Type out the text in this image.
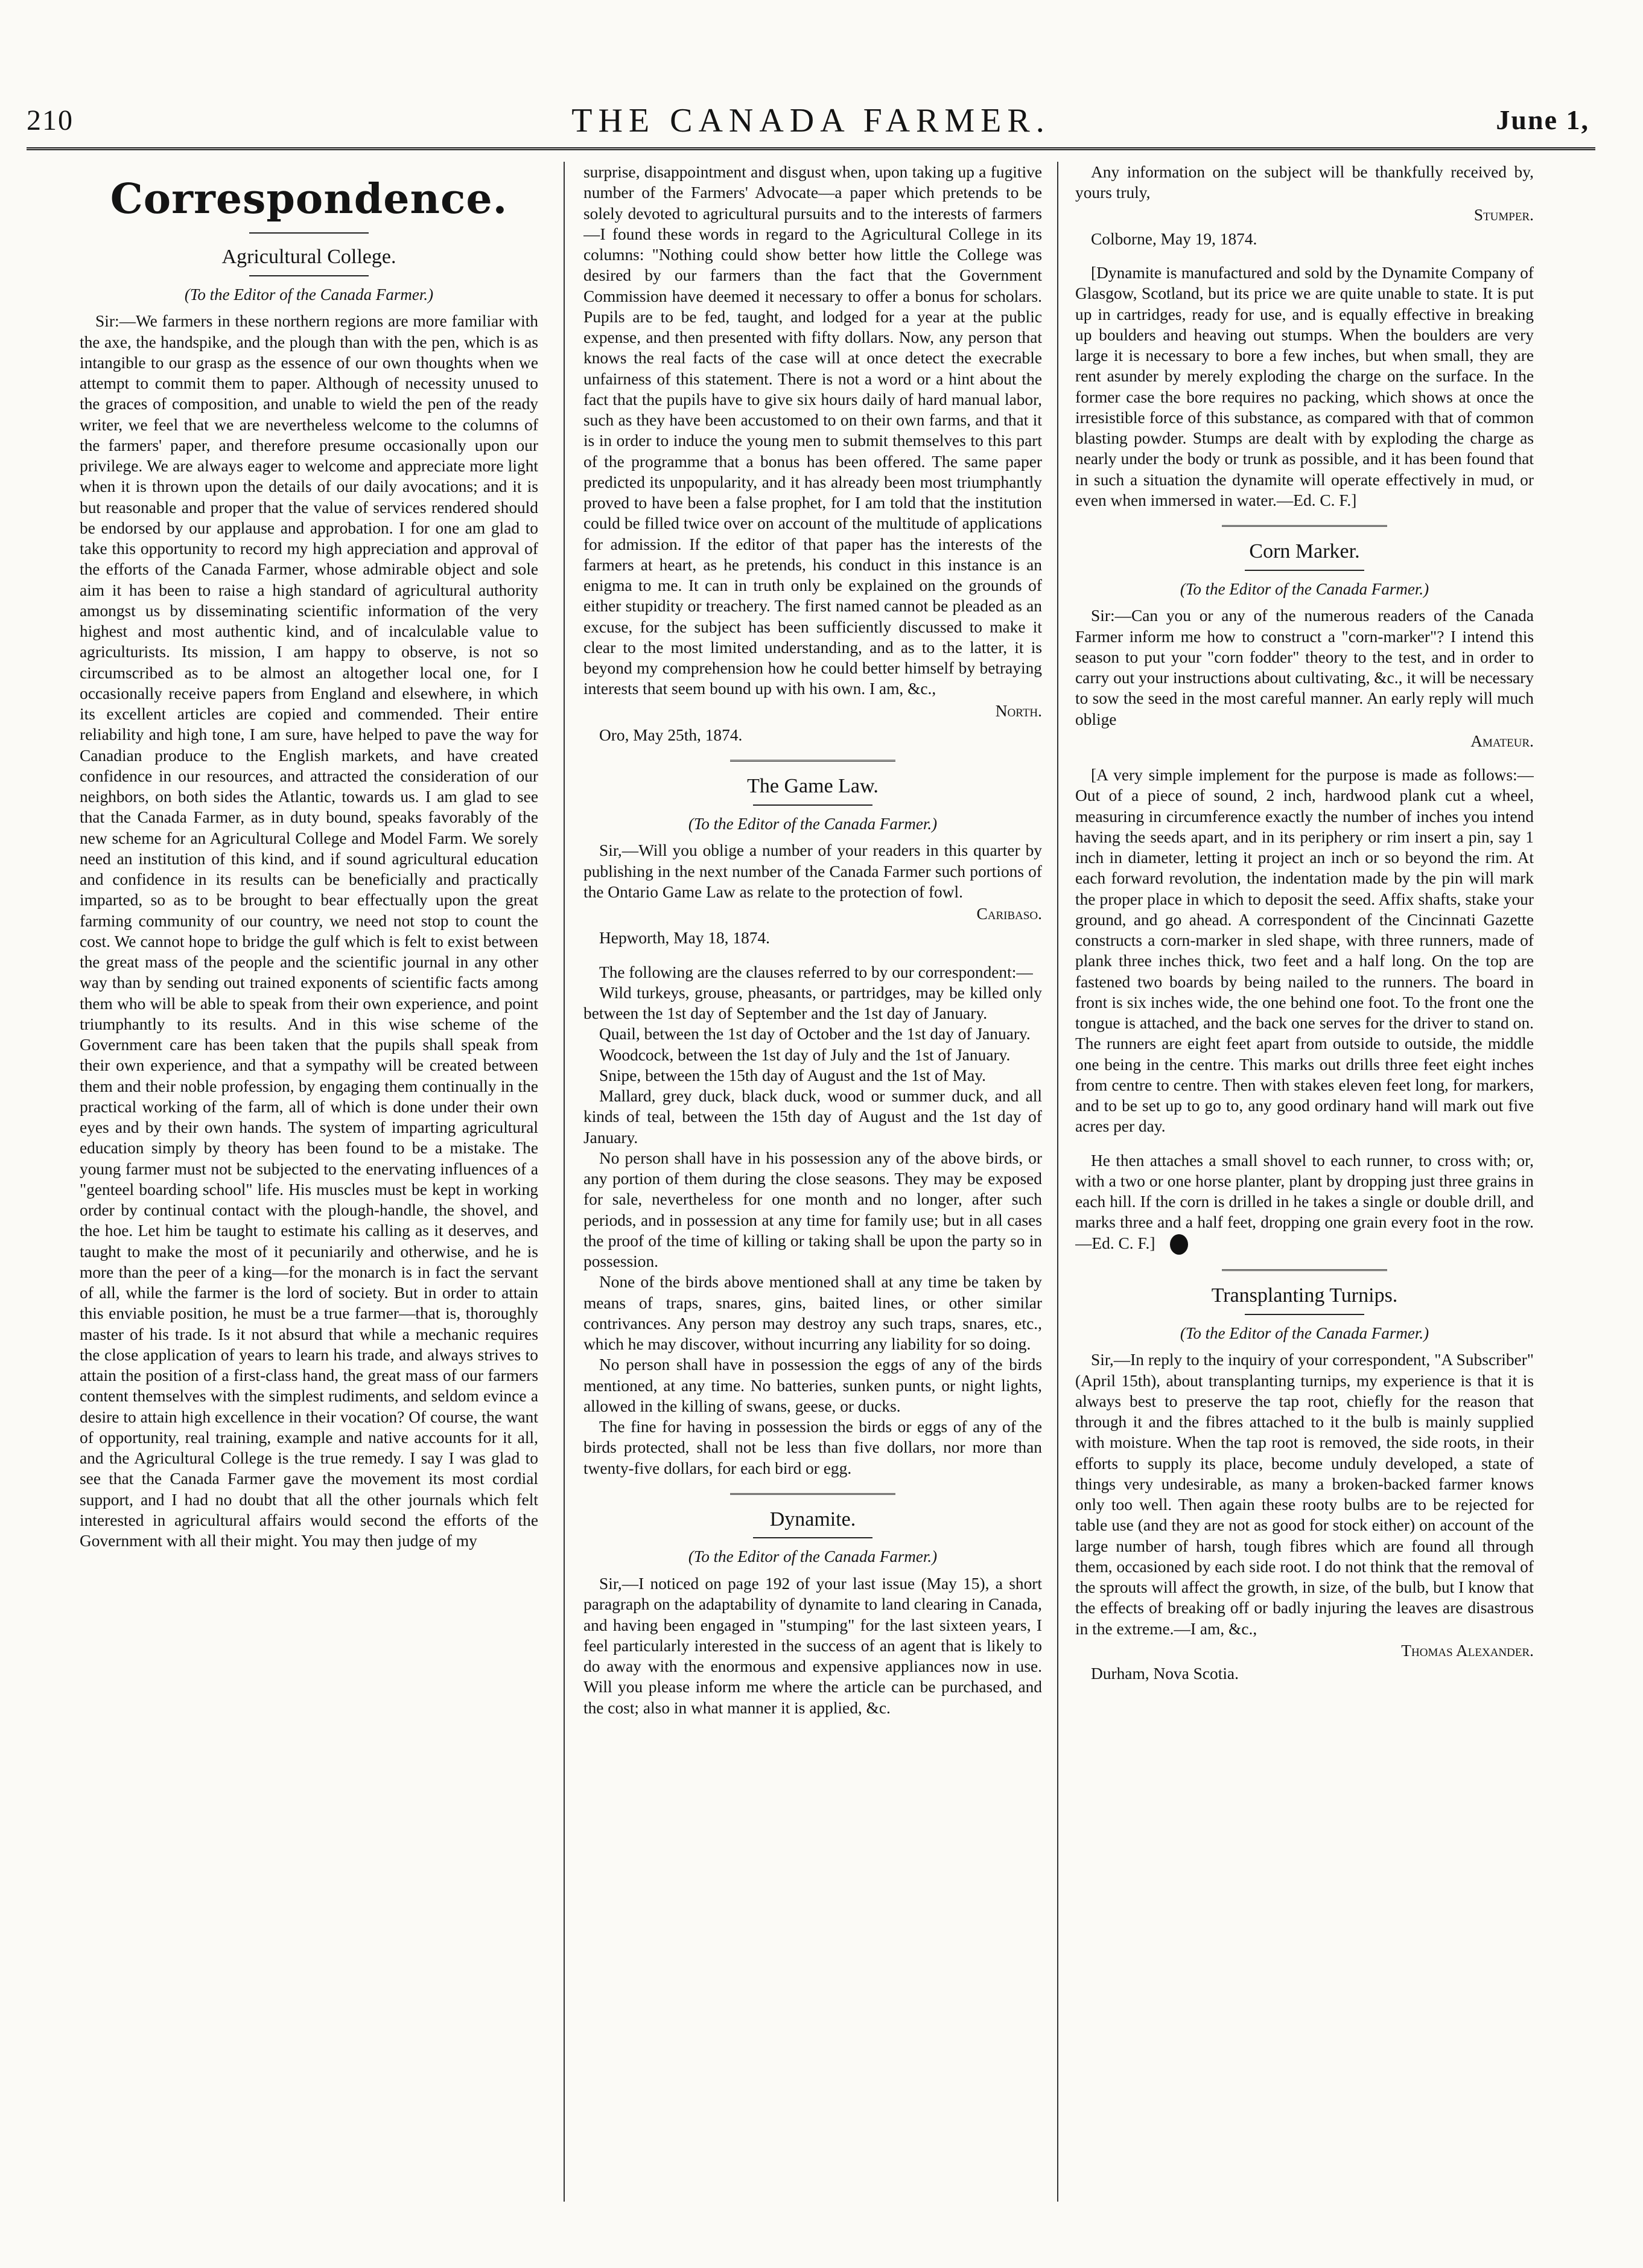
210	THE CANADA FARMER.	June 1,
Correspondence.
Agricultural College.
(To the Editor of the Canada Farmer.)

Sir:—We farmers in these northern regions are more familiar with the axe, the handspike, and the plough than with the pen, which is as intangible to our grasp as the essence of our own thoughts when we attempt to commit them to paper. Although of necessity unused to the graces of composition, and unable to wield the pen of the ready writer, we feel that we are nevertheless welcome to the columns of the farmers' paper, and therefore presume occasionally upon our privilege. We are always eager to welcome and appreciate more light when it is thrown upon the details of our daily avocations; and it is but reasonable and proper that the value of services rendered should be endorsed by our applause and approbation. I for one am glad to take this opportunity to record my high appreciation and approval of the efforts of the Canada Farmer, whose admirable object and sole aim it has been to raise a high standard of agricultural authority amongst us by disseminating scientific information of the very highest and most authentic kind, and of incalculable value to agriculturists. Its mission, I am happy to observe, is not so circumscribed as to be almost an altogether local one, for I occasionally receive papers from England and elsewhere, in which its excellent articles are copied and commended. Their entire reliability and high tone, I am sure, have helped to pave the way for Canadian produce to the English markets, and have created confidence in our resources, and attracted the consideration of our neighbors, on both sides the Atlantic, towards us. I am glad to see that the Canada Farmer, as in duty bound, speaks favorably of the new scheme for an Agricultural College and Model Farm. We sorely need an institution of this kind, and if sound agricultural education and confidence in its results can be beneficially and practically imparted, so as to be brought to bear effectually upon the great farming community of our country, we need not stop to count the cost. We cannot hope to bridge the gulf which is felt to exist between the great mass of the people and the scientific journal in any other way than by sending out trained exponents of scientific facts among them who will be able to speak from their own experience, and point triumphantly to its results. And in this wise scheme of the Government care has been taken that the pupils shall speak from their own experience, and that a sympathy will be created between them and their noble profession, by engaging them continually in the practical working of the farm, all of which is done under their own eyes and by their own hands. The system of imparting agricultural education simply by theory has been found to be a mistake. The young farmer must not be subjected to the enervating influences of a "genteel boarding school" life. His muscles must be kept in working order by continual contact with the plough-handle, the shovel, and the hoe. Let him be taught to estimate his calling as it deserves, and taught to make the most of it pecuniarily and otherwise, and he is more than the peer of a king—for the monarch is in fact the servant of all, while the farmer is the lord of society. But in order to attain this enviable position, he must be a true farmer—that is, thoroughly master of his trade. Is it not absurd that while a mechanic requires the close application of years to learn his trade, and always strives to attain the position of a first-class hand, the great mass of our farmers content themselves with the simplest rudiments, and seldom evince a desire to attain high excellence in their vocation? Of course, the want of opportunity, real training, example and native accounts for it all, and the Agricultural College is the true remedy. I say I was glad to see that the Canada Farmer gave the movement its most cordial support, and I had no doubt that all the other journals which felt interested in agricultural affairs would second the efforts of the Government with all their might. You may then judge of my

surprise, disappointment and disgust when, upon taking up a fugitive number of the Farmers' Advocate—a paper which pretends to be solely devoted to agricultural pursuits and to the interests of farmers—I found these words in regard to the Agricultural College in its columns: "Nothing could show better how little the College was desired by our farmers than the fact that the Government Commission have deemed it necessary to offer a bonus for scholars. Pupils are to be fed, taught, and lodged for a year at the public expense, and then presented with fifty dollars. Now, any person that knows the real facts of the case will at once detect the execrable unfairness of this statement. There is not a word or a hint about the fact that the pupils have to give six hours daily of hard manual labor, such as they have been accustomed to on their own farms, and that it is in order to induce the young men to submit themselves to this part of the programme that a bonus has been offered. The same paper predicted its unpopularity, and it has already been most triumphantly proved to have been a false prophet, for I am told that the institution could be filled twice over on account of the multitude of applications for admission. If the editor of that paper has the interests of the farmers at heart, as he pretends, his conduct in this instance is an enigma to me. It can in truth only be explained on the grounds of either stupidity or treachery. The first named cannot be pleaded as an excuse, for the subject has been sufficiently discussed to make it clear to the most limited understanding, and as to the latter, it is beyond my comprehension how he could better himself by betraying interests that seem bound up with his own. I am, &c.,

North.
Oro, May 25th, 1874.
The Game Law.
(To the Editor of the Canada Farmer.)

Sir,—Will you oblige a number of your readers in this quarter by publishing in the next number of the Canada Farmer such portions of the Ontario Game Law as relate to the protection of fowl.

Caribaso.
Hepworth, May 18, 1874.

The following are the clauses referred to by our correspondent:—

Wild turkeys, grouse, pheasants, or partridges, may be killed only between the 1st day of September and the 1st day of January.

Quail, between the 1st day of October and the 1st day of January.

Woodcock, between the 1st day of July and the 1st of January.

Snipe, between the 15th day of August and the 1st of May.

Mallard, grey duck, black duck, wood or summer duck, and all kinds of teal, between the 15th day of August and the 1st day of January.

No person shall have in his possession any of the above birds, or any portion of them during the close seasons. They may be exposed for sale, nevertheless for one month and no longer, after such periods, and in possession at any time for family use; but in all cases the proof of the time of killing or taking shall be upon the party so in possession.

None of the birds above mentioned shall at any time be taken by means of traps, snares, gins, baited lines, or other similar contrivances. Any person may destroy any such traps, snares, etc., which he may discover, without incurring any liability for so doing.

No person shall have in possession the eggs of any of the birds mentioned, at any time. No batteries, sunken punts, or night lights, allowed in the killing of swans, geese, or ducks.

The fine for having in possession the birds or eggs of any of the birds protected, shall not be less than five dollars, nor more than twenty-five dollars, for each bird or egg.

Dynamite.
(To the Editor of the Canada Farmer.)

Sir,—I noticed on page 192 of your last issue (May 15), a short paragraph on the adaptability of dynamite to land clearing in Canada, and having been engaged in "stumping" for the last sixteen years, I feel particularly interested in the success of an agent that is likely to do away with the enormous and expensive appliances now in use. Will you please inform me where the article can be purchased, and the cost; also in what manner it is applied, &c.

Any information on the subject will be thankfully received by, yours truly,

Stumper.
Colborne, May 19, 1874.

[Dynamite is manufactured and sold by the Dynamite Company of Glasgow, Scotland, but its price we are quite unable to state. It is put up in cartridges, ready for use, and is equally effective in breaking up boulders and heaving out stumps. When the boulders are very large it is necessary to bore a few inches, but when small, they are rent asunder by merely exploding the charge on the surface. In the former case the bore requires no packing, which shows at once the irresistible force of this substance, as compared with that of common blasting powder. Stumps are dealt with by exploding the charge as nearly under the body or trunk as possible, and it has been found that in such a situation the dynamite will operate effectively in mud, or even when immersed in water.—Ed. C. F.]

Corn Marker.
(To the Editor of the Canada Farmer.)

Sir:—Can you or any of the numerous readers of the Canada Farmer inform me how to construct a "corn-marker"? I intend this season to put your "corn fodder" theory to the test, and in order to carry out your instructions about cultivating, &c., it will be necessary to sow the seed in the most careful manner. An early reply will much oblige

Amateur.

[A very simple implement for the purpose is made as follows:—Out of a piece of sound, 2 inch, hardwood plank cut a wheel, measuring in circumference exactly the number of inches you intend having the seeds apart, and in its periphery or rim insert a pin, say 1 inch in diameter, letting it project an inch or so beyond the rim. At each forward revolution, the indentation made by the pin will mark the proper place in which to deposit the seed. Affix shafts, stake your ground, and go ahead. A correspondent of the Cincinnati Gazette constructs a corn-marker in sled shape, with three runners, made of plank three inches thick, two feet and a half long. On the top are fastened two boards by being nailed to the runners. The board in front is six inches wide, the one behind one foot. To the front one the tongue is attached, and the back one serves for the driver to stand on. The runners are eight feet apart from outside to outside, the middle one being in the centre. This marks out drills three feet eight inches from centre to centre. Then with stakes eleven feet long, for markers, and to be set up to go to, any good ordinary hand will mark out five acres per day.

He then attaches a small shovel to each runner, to cross with; or, with a two or one horse planter, plant by dropping just three grains in each hill. If the corn is drilled in he takes a single or double drill, and marks three and a half feet, dropping one grain every foot in the row.—Ed. C. F.]

Transplanting Turnips.
(To the Editor of the Canada Farmer.)

Sir,—In reply to the inquiry of your correspondent, "A Subscriber" (April 15th), about transplanting turnips, my experience is that it is always best to preserve the tap root, chiefly for the reason that through it and the fibres attached to it the bulb is mainly supplied with moisture. When the tap root is removed, the side roots, in their efforts to supply its place, become unduly developed, a state of things very undesirable, as many a broken-backed farmer knows only too well. Then again these rooty bulbs are to be rejected for table use (and they are not as good for stock either) on account of the large number of harsh, tough fibres which are found all through them, occasioned by each side root. I do not think that the removal of the sprouts will affect the growth, in size, of the bulb, but I know that the effects of breaking off or badly injuring the leaves are disastrous in the extreme.—I am, &c.,

Thomas Alexander.
Durham, Nova Scotia.
